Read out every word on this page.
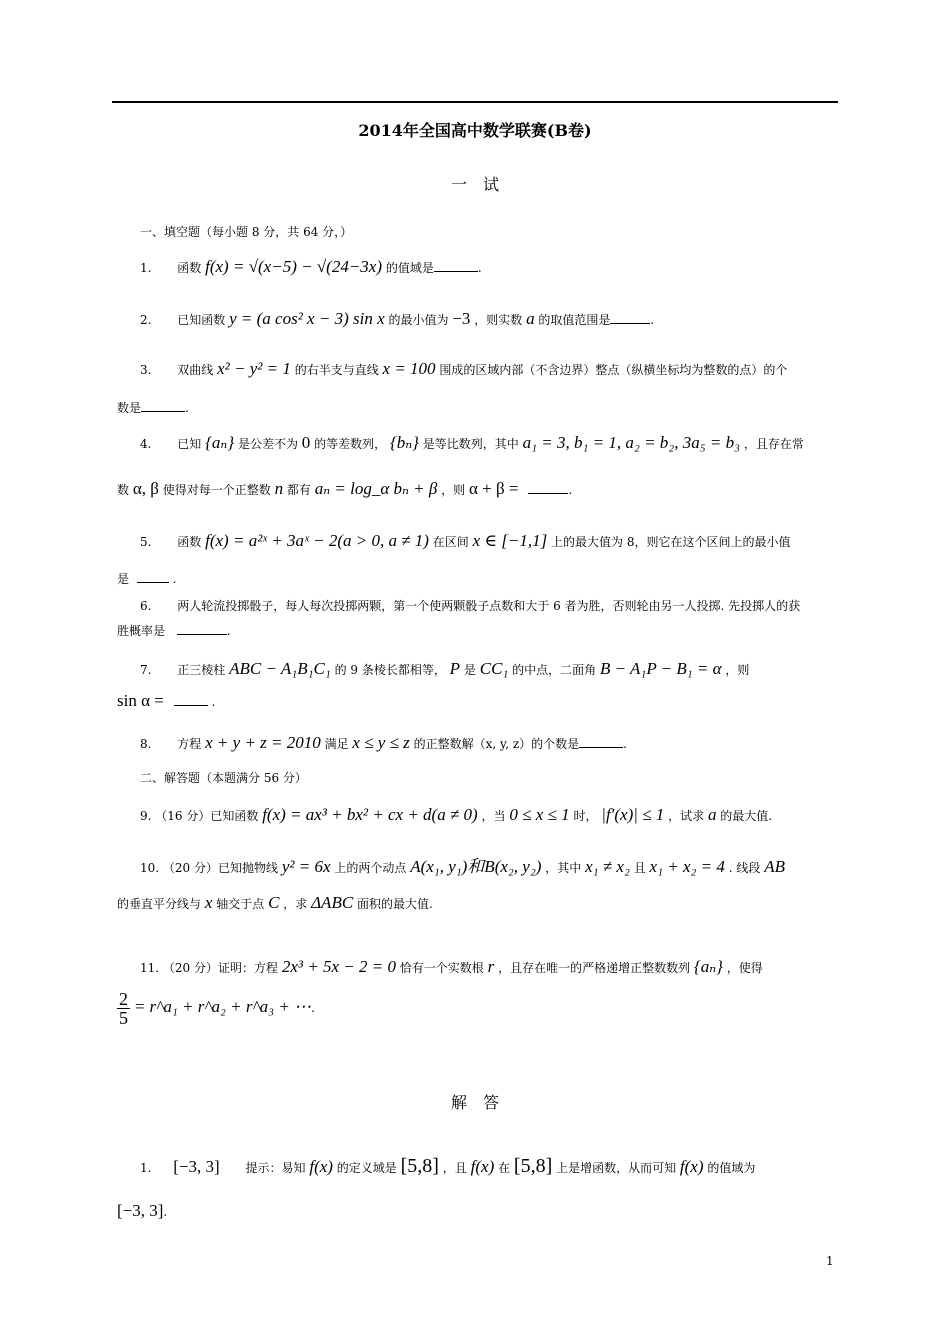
2014年全国高中数学联赛(B卷)
一　试
一、填空题（每小题 8 分，共 64 分，）
1. 函数 f(x) = √(x−5) − √(24−3x) 的值域是	.
2. 已知函数 y = (a cos² x − 3) sin x 的最小值为 −3 ，则实数 a 的取值范围是	.
3. 双曲线 x² − y² = 1 的右半支与直线 x = 100 围成的区域内部（不含边界）整点（纵横坐标均为整数的点）的个
数是	.
4. 已知 {aₙ} 是公差不为 0 的等差数列， {bₙ} 是等比数列，其中 a₁ = 3, b₁ = 1, a₂ = b₂, 3a₅ = b₃ ，且存在常
数 α, β 使得对每一个正整数 n 都有 aₙ = log_α bₙ + β ，则 α + β =	.
5. 函数 f(x) = a²ˣ + 3aˣ − 2(a > 0, a ≠ 1) 在区间 x ∈ [−1,1] 上的最大值为 8，则它在这个区间上的最小值
是	.
6. 两人轮流投掷骰子，每人每次投掷两颗，第一个使两颗骰子点数和大于 6 者为胜，否则轮由另一人投掷. 先投掷人的获
胜概率是	.
7. 正三棱柱 ABC − A₁B₁C₁ 的 9 条棱长都相等， P 是 CC₁ 的中点，二面角 B − A₁P − B₁ = α ，则
sin α =	.
8. 方程 x + y + z = 2010 满足 x ≤ y ≤ z 的正整数解（x, y, z）的个数是	.
二、解答题（本题满分 56 分）
9. （16 分）已知函数 f(x) = ax³ + bx² + cx + d(a ≠ 0) ，当 0 ≤ x ≤ 1 时， |f′(x)| ≤ 1 ，试求 a 的最大值.
10. （20 分）已知抛物线 y² = 6x 上的两个动点 A(x₁, y₁)和B(x₂, y₂) ，其中 x₁ ≠ x₂ 且 x₁ + x₂ = 4 . 线段 AB
的垂直平分线与 x 轴交于点 C ，求 ΔABC 面积的最大值.
11. （20 分）证明：方程 2x³ + 5x − 2 = 0 恰有一个实数根 r ，且存在唯一的严格递增正整数数列 {aₙ} ，使得
$\frac{2}{5}$ = r^a₁ + r^a₂ + r^a₃ + ⋯.
解　答
1. [−3, 3] 提示：易知 f(x) 的定义域是 [5,8] ，且 f(x) 在 [5,8] 上是增函数，从而可知 f(x) 的值域为
[−3, 3].
1
